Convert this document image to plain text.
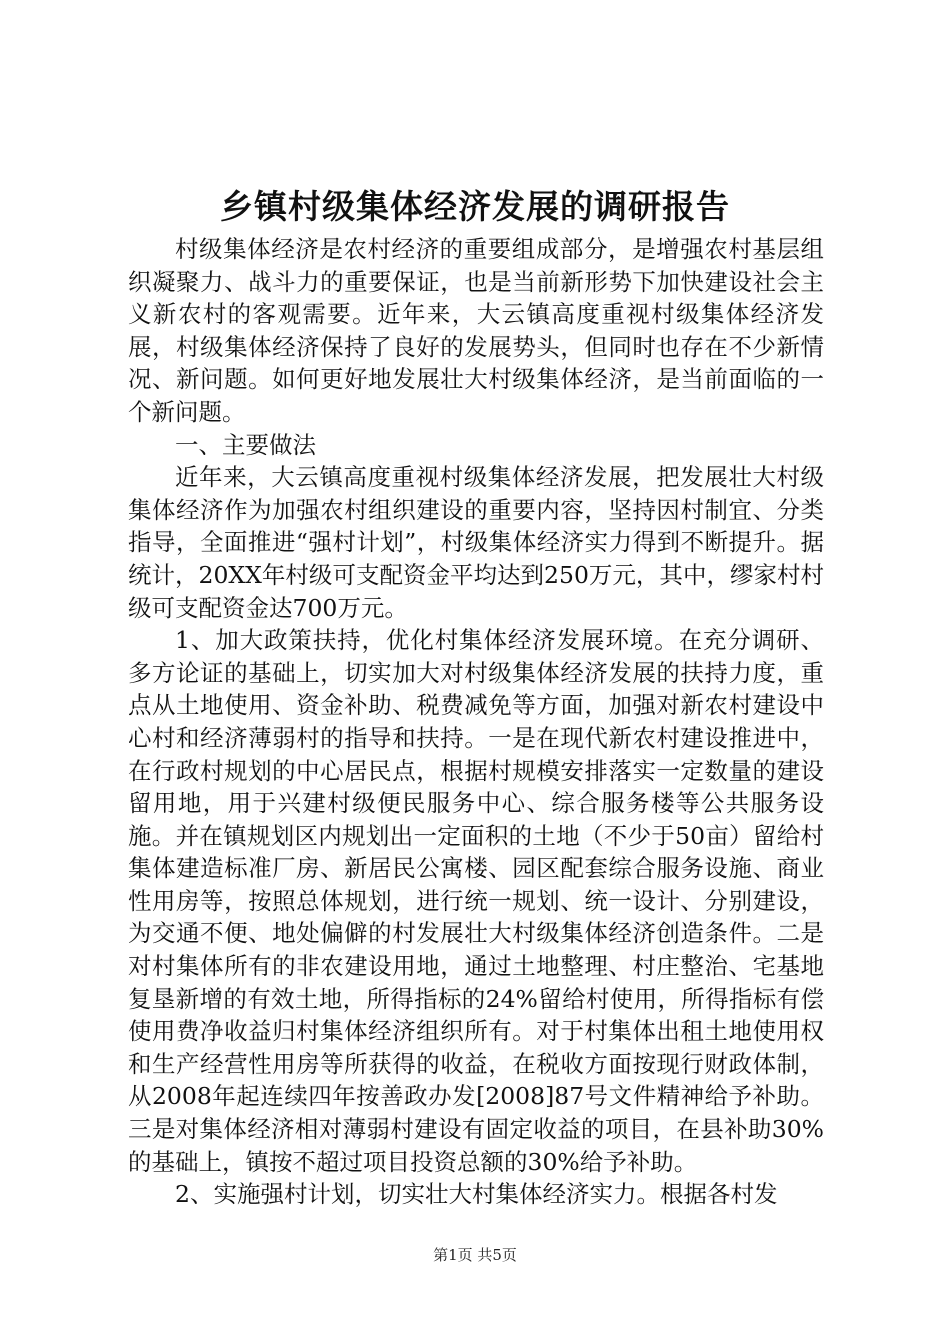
乡镇村级集体经济发展的调研报告

村级集体经济是农村经济的重要组成部分，是增强农村基层组织凝聚力、战斗力的重要保证，也是当前新形势下加快建设社会主义新农村的客观需要。近年来，大云镇高度重视村级集体经济发展，村级集体经济保持了良好的发展势头，但同时也存在不少新情况、新问题。如何更好地发展壮大村级集体经济，是当前面临的一个新问题。

一、主要做法

近年来，大云镇高度重视村级集体经济发展，把发展壮大村级集体经济作为加强农村组织建设的重要内容，坚持因村制宜、分类指导，全面推进“强村计划”，村级集体经济实力得到不断提升。据统计，20XX年村级可支配资金平均达到250万元，其中，缪家村村级可支配资金达700万元。

1、加大政策扶持，优化村集体经济发展环境。在充分调研、多方论证的基础上，切实加大对村级集体经济发展的扶持力度，重点从土地使用、资金补助、税费减免等方面，加强对新农村建设中心村和经济薄弱村的指导和扶持。一是在现代新农村建设推进中，在行政村规划的中心居民点，根据村规模安排落实一定数量的建设留用地，用于兴建村级便民服务中心、综合服务楼等公共服务设施。并在镇规划区内规划出一定面积的土地（不少于50亩）留给村集体建造标准厂房、新居民公寓楼、园区配套综合服务设施、商业性用房等，按照总体规划，进行统一规划、统一设计、分别建设，为交通不便、地处偏僻的村发展壮大村级集体经济创造条件。二是对村集体所有的非农建设用地，通过土地整理、村庄整治、宅基地复垦新增的有效土地，所得指标的24%留给村使用，所得指标有偿使用费净收益归村集体经济组织所有。对于村集体出租土地使用权和生产经营性用房等所获得的收益，在税收方面按现行财政体制，从2008年起连续四年按善政办发[2008]87号文件精神给予补助。三是对集体经济相对薄弱村建设有固定收益的项目，在县补助30%的基础上，镇按不超过项目投资总额的30%给予补助。

2、实施强村计划，切实壮大村集体经济实力。根据各村发

第1页 共5页
